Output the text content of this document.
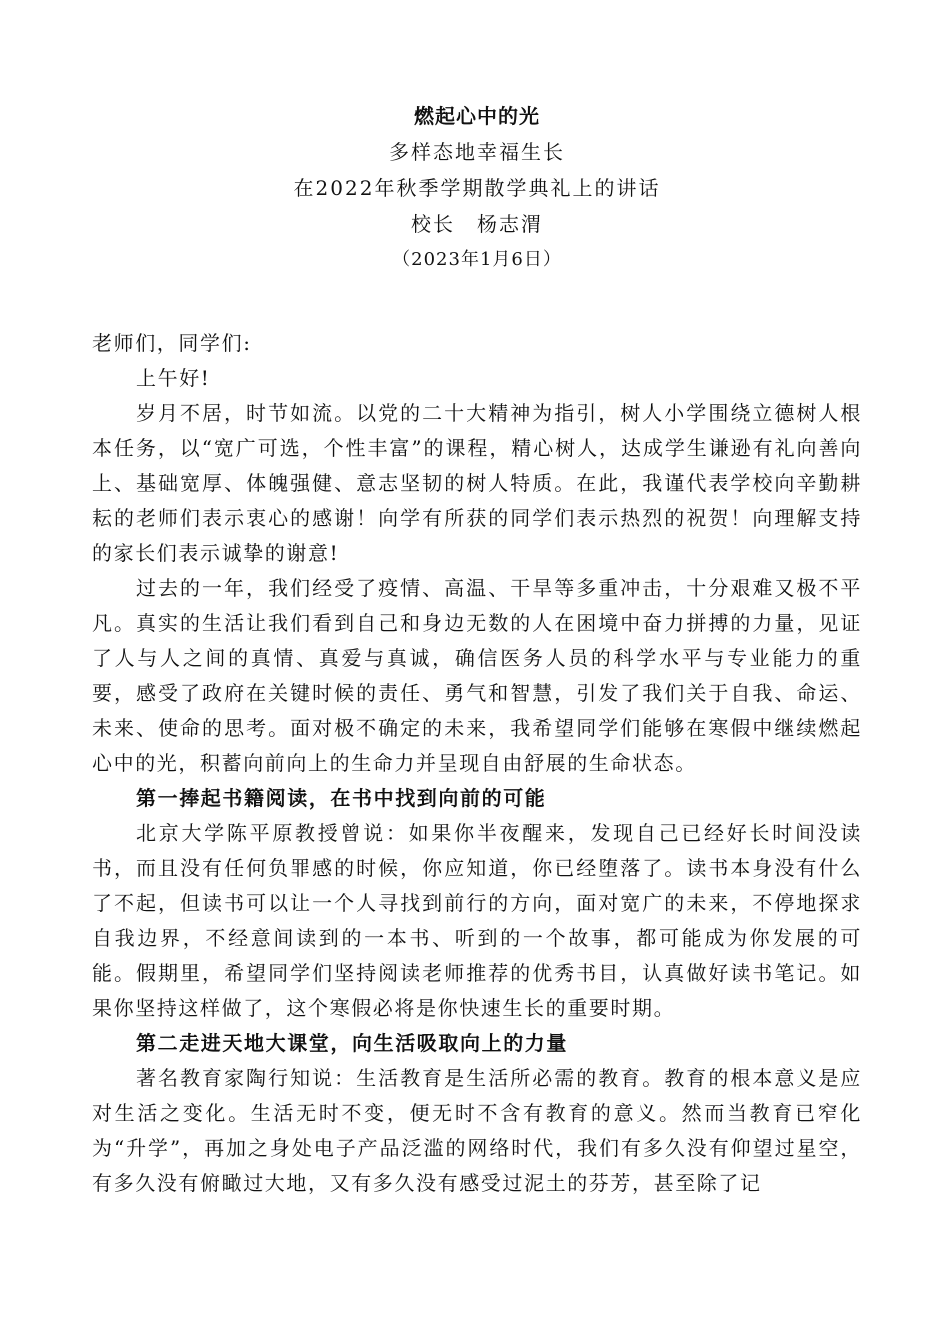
燃起心中的光
多样态地幸福生长
在2022年秋季学期散学典礼上的讲话
校长　杨志渭
（2023年1月6日）

老师们，同学们:

上午好!

岁月不居，时节如流。以党的二十大精神为指引，树人小学围绕立德树人根本任务，以“宽广可选，个性丰富”的课程，精心树人，达成学生谦逊有礼向善向上、基础宽厚、体魄强健、意志坚韧的树人特质。在此，我谨代表学校向辛勤耕耘的老师们表示衷心的感谢！向学有所获的同学们表示热烈的祝贺！向理解支持的家长们表示诚挚的谢意!

过去的一年，我们经受了疫情、高温、干旱等多重冲击，十分艰难又极不平凡。真实的生活让我们看到自己和身边无数的人在困境中奋力拼搏的力量，见证了人与人之间的真情、真爱与真诚，确信医务人员的科学水平与专业能力的重要，感受了政府在关键时候的责任、勇气和智慧，引发了我们关于自我、命运、未来、使命的思考。面对极不确定的未来，我希望同学们能够在寒假中继续燃起心中的光，积蓄向前向上的生命力并呈现自由舒展的生命状态。

第一捧起书籍阅读，在书中找到向前的可能

北京大学陈平原教授曾说：如果你半夜醒来，发现自己已经好长时间没读书，而且没有任何负罪感的时候，你应知道，你已经堕落了。读书本身没有什么了不起，但读书可以让一个人寻找到前行的方向，面对宽广的未来，不停地探求自我边界，不经意间读到的一本书、听到的一个故事，都可能成为你发展的可能。假期里，希望同学们坚持阅读老师推荐的优秀书目，认真做好读书笔记。如果你坚持这样做了，这个寒假必将是你快速生长的重要时期。

第二走进天地大课堂，向生活吸取向上的力量

著名教育家陶行知说：生活教育是生活所必需的教育。教育的根本意义是应对生活之变化。生活无时不变，便无时不含有教育的意义。然而当教育已窄化为“升学”，再加之身处电子产品泛滥的网络时代，我们有多久没有仰望过星空，有多久没有俯瞰过大地，又有多久没有感受过泥土的芬芳，甚至除了记
